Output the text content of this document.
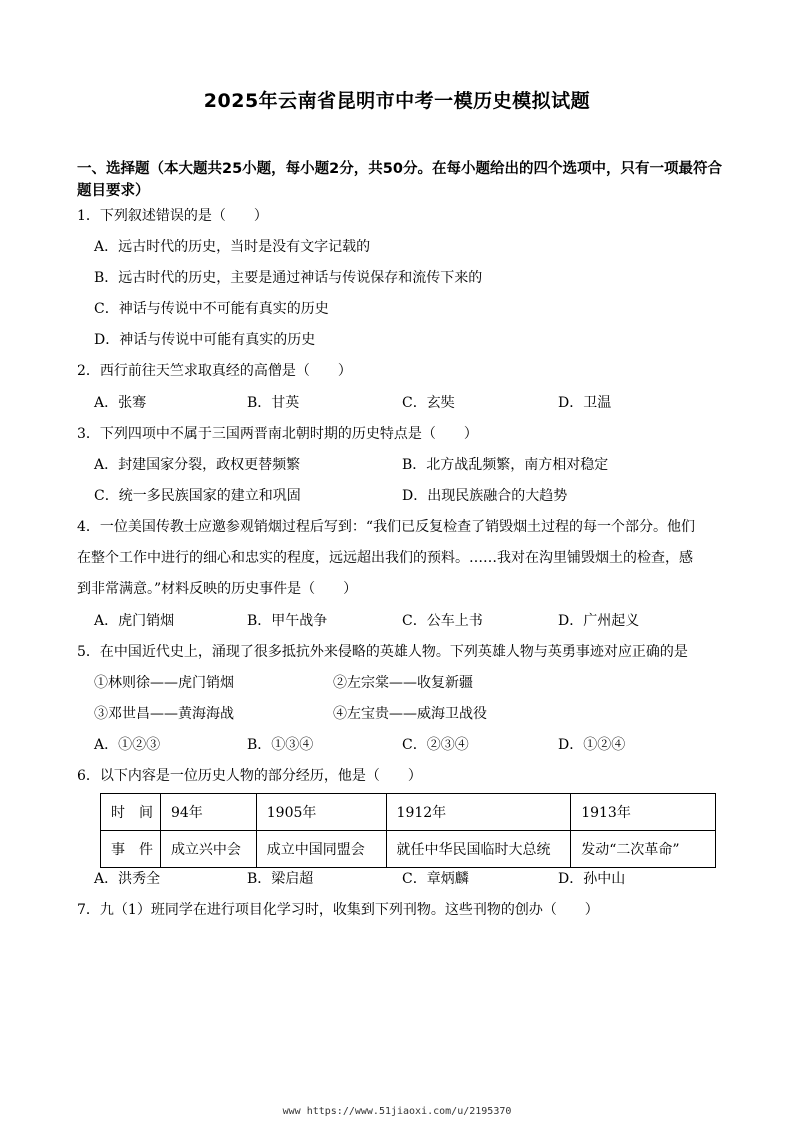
2025年云南省昆明市中考一模历史模拟试题
一、选择题（本大题共25小题，每小题2分，共50分。在每小题给出的四个选项中，只有一项最符合题目要求）
1．下列叙述错误的是（　　）
A．远古时代的历史，当时是没有文字记载的
B．远古时代的历史，主要是通过神话与传说保存和流传下来的
C．神话与传说中不可能有真实的历史
D．神话与传说中可能有真实的历史
2．西行前往天竺求取真经的高僧是（　　）
A．张骞	B．甘英	C．玄奘	D．卫温
3．下列四项中不属于三国两晋南北朝时期的历史特点是（　　）
A．封建国家分裂，政权更替频繁	B．北方战乱频繁，南方相对稳定
C．统一多民族国家的建立和巩固	D．出现民族融合的大趋势
4．一位美国传教士应邀参观销烟过程后写到：“我们已反复检查了销毁烟土过程的每一个部分。他们
在整个工作中进行的细心和忠实的程度，远远超出我们的预料。……我对在沟里铺毁烟土的检查，感
到非常满意。”材料反映的历史事件是（　　）
A．虎门销烟	B．甲午战争	C．公车上书	D．广州起义
5．在中国近代史上，涌现了很多抵抗外来侵略的英雄人物。下列英雄人物与英勇事迹对应正确的是
①林则徐——虎门销烟	②左宗棠——收复新疆
③邓世昌——黄海海战	④左宝贵——威海卫战役
A．①②③	B．①③④	C．②③④	D．①②④
6．以下内容是一位历史人物的部分经历，他是（　　）
时　间	94年	1905年	1912年	1913年
事　件	成立兴中会	成立中国同盟会	就任中华民国临时大总统	发动“二次革命”
A．洪秀全	B．梁启超	C．章炳麟	D．孙中山
7．九（1）班同学在进行项目化学习时，收集到下列刊物。这些刊物的创办（　　）
www https://www.51jiaoxi.com/u/2195370
